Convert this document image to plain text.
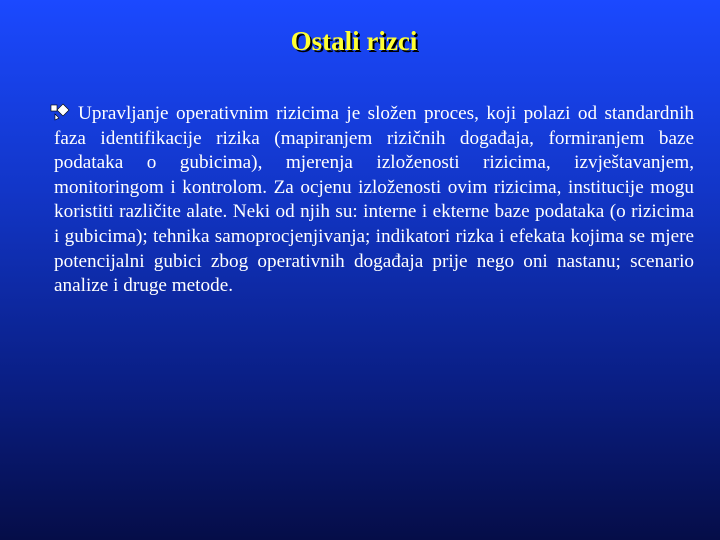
Ostali rizci

Upravljanje operativnim rizicima je složen proces, koji polazi od standardnih faza identifikacije rizika (mapiranjem rizičnih događaja, formiranjem baze podataka o gubicima), mjerenja izloženosti rizicima, izvještavanjem, monitoringom i kontrolom. Za ocjenu izloženosti ovim rizicima, institucije mogu koristiti različite alate. Neki od njih su: interne i ekterne baze podataka (o rizicima i gubicima); tehnika samoprocjenjivanja; indikatori rizka i efekata kojima se mjere potencijalni gubici zbog operativnih događaja prije nego oni nastanu; scenario analize i druge metode.
